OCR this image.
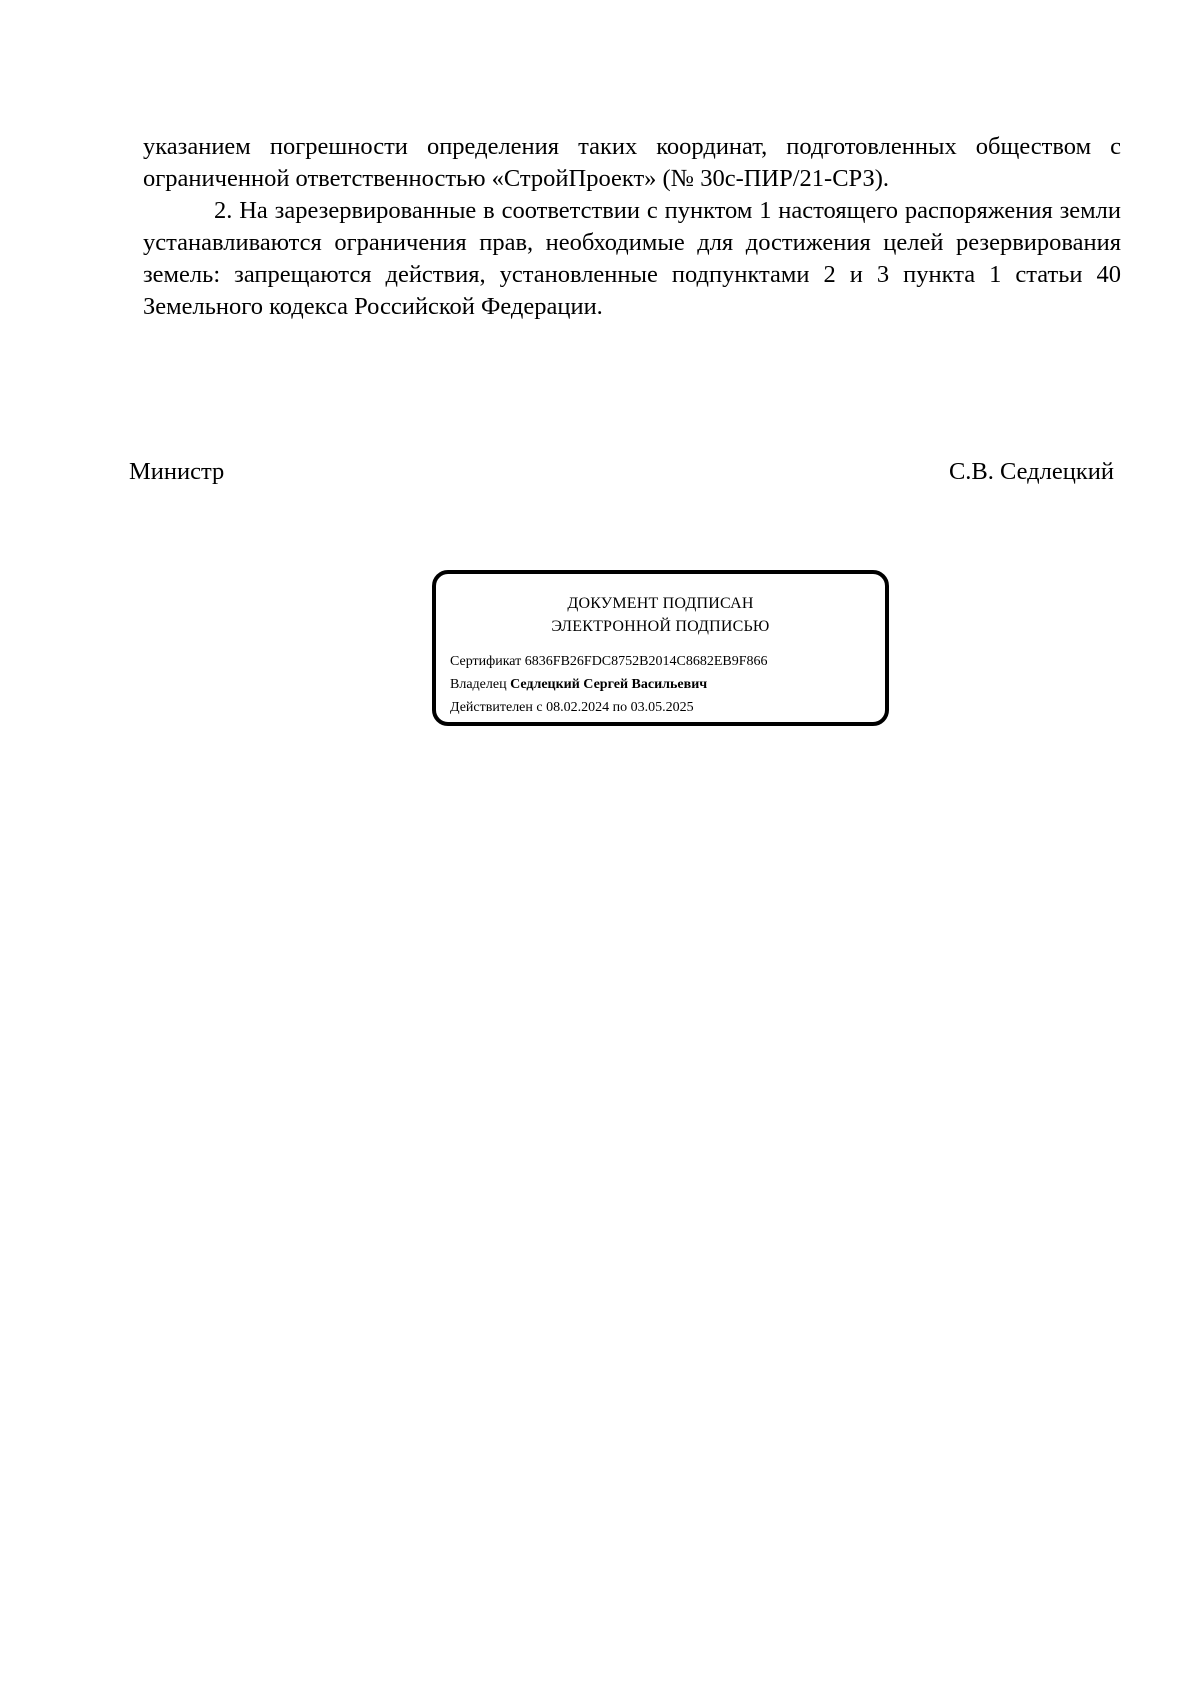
указанием погрешности определения таких координат, подготовленных обществом с ограниченной ответственностью «СтройПроект» (№ 30с-ПИР/21-СРЗ).

2. На зарезервированные в соответствии с пунктом 1 настоящего распоряжения земли устанавливаются ограничения прав, необходимые для достижения целей резервирования земель: запрещаются действия, установленные подпунктами 2 и 3 пункта 1 статьи 40 Земельного кодекса Российской Федерации.

Министр	С.В. Седлецкий
ДОКУМЕНТ ПОДПИСАН
ЭЛЕКТРОННОЙ ПОДПИСЬЮ
Сертификат 6836FB26FDC8752B2014C8682EB9F866
Владелец Седлецкий Сергей Васильевич
Действителен с 08.02.2024 по 03.05.2025
